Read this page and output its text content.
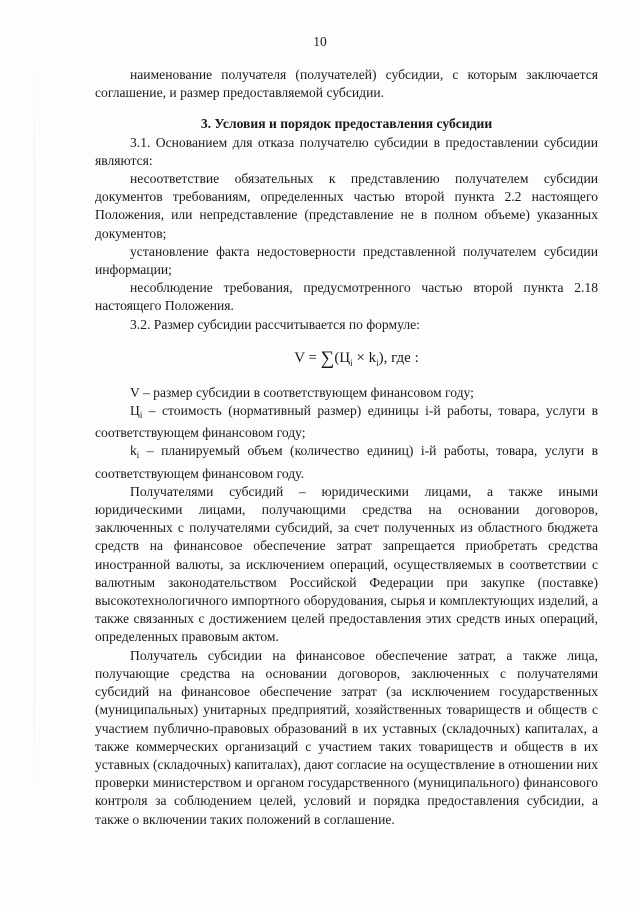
10

наименование получателя (получателей) субсидии, с которым заключается соглашение, и размер предоставляемой субсидии.

3. Условия и порядок предоставления субсидии

3.1. Основанием для отказа получателю субсидии в предоставлении субсидии являются:

несоответствие обязательных к представлению получателем субсидии документов требованиям, определенных частью второй пункта 2.2 настоящего Положения, или непредставление (представление не в полном объеме) указанных документов;

установление факта недостоверности представленной получателем субсидии информации;

несоблюдение требования, предусмотренного частью второй пункта 2.18 настоящего Положения.

3.2. Размер субсидии рассчитывается по формуле:

$V = \sum(Ц_i \times k_i)$, где :

V – размер субсидии в соответствующем финансовом году;

$Ц_i$ – стоимость (нормативный размер) единицы i-й работы, товара, услуги в соответствующем финансовом году;

$k_i$ – планируемый объем (количество единиц) i-й работы, товара, услуги в соответствующем финансовом году.

Получателями субсидий – юридическими лицами, а также иными юридическими лицами, получающими средства на основании договоров, заключенных с получателями субсидий, за счет полученных из областного бюджета средств на финансовое обеспечение затрат запрещается приобретать средства иностранной валюты, за исключением операций, осуществляемых в соответствии с валютным законодательством Российской Федерации при закупке (поставке) высокотехнологичного импортного оборудования, сырья и комплектующих изделий, а также связанных с достижением целей предоставления этих средств иных операций, определенных правовым актом.

Получатель субсидии на финансовое обеспечение затрат, а также лица, получающие средства на основании договоров, заключенных с получателями субсидий на финансовое обеспечение затрат (за исключением государственных (муниципальных) унитарных предприятий, хозяйственных товариществ и обществ с участием публично-правовых образований в их уставных (складочных) капиталах, а также коммерческих организаций с участием таких товариществ и обществ в их уставных (складочных) капиталах), дают согласие на осуществление в отношении них проверки министерством и органом государственного (муниципального) финансового контроля за соблюдением целей, условий и порядка предоставления субсидии, а также о включении таких положений в соглашение.
